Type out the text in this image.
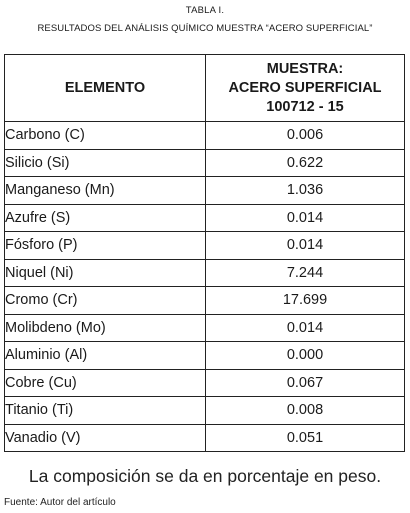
TABLA I.
RESULTADOS DEL ANÁLISIS QUÍMICO MUESTRA “ACERO SUPERFICIAL”
ELEMENTO	MUESTRA:
ACERO SUPERFICIAL
100712 - 15

Carbono (C)	0.006
Silicio (Si)	0.622
Manganeso (Mn)	1.036
Azufre (S)	0.014
Fósforo (P)	0.014
Niquel (Ni)	7.244
Cromo (Cr)	17.699
Molibdeno (Mo)	0.014
Aluminio (Al)	0.000
Cobre (Cu)	0.067
Titanio (Ti)	0.008
Vanadio (V)	0.051
La composición se da en porcentaje en peso.
Fuente: Autor del artículo
